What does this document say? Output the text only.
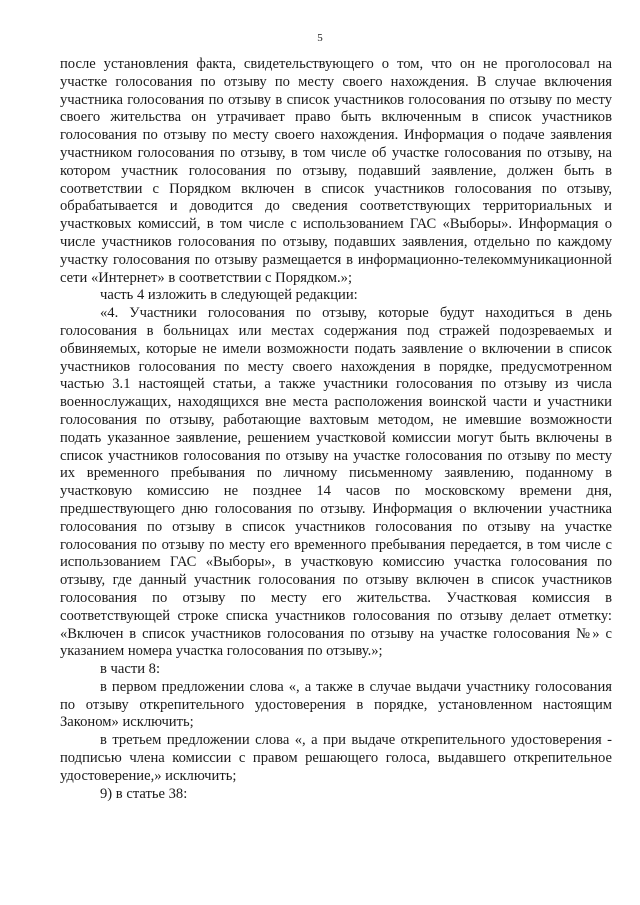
5

после установления факта, свидетельствующего о том, что он не проголосовал на участке голосования по отзыву по месту своего нахождения. В случае включения участника голосования по отзыву в список участников голосования по отзыву по месту своего жительства он утрачивает право быть включенным в список участников голосования по отзыву по месту своего нахождения. Информация о подаче заявления участником голосования по отзыву, в том числе об участке голосования по отзыву, на котором участник голосования по отзыву, подавший заявление, должен быть в соответствии с Порядком включен в список участников голосования по отзыву, обрабатывается и доводится до сведения соответствующих территориальных и участковых комиссий, в том числе с использованием ГАС «Выборы». Информация о числе участников голосования по отзыву, подавших заявления, отдельно по каждому участку голосования по отзыву размещается в информационно-телекоммуникационной сети «Интернет» в соответствии с Порядком.»;

часть 4 изложить в следующей редакции:

«4. Участники голосования по отзыву, которые будут находиться в день голосования в больницах или местах содержания под стражей подозреваемых и обвиняемых, которые не имели возможности подать заявление о включении в список участников голосования по месту своего нахождения в порядке, предусмотренном частью 3.1 настоящей статьи, а также участники голосования по отзыву из числа военнослужащих, находящихся вне места расположения воинской части и участники голосования по отзыву, работающие вахтовым методом, не имевшие возможности подать указанное заявление, решением участковой комиссии могут быть включены в список участников голосования по отзыву на участке голосования по отзыву по месту их временного пребывания по личному письменному заявлению, поданному в участковую комиссию не позднее 14 часов по московскому времени дня, предшествующего дню голосования по отзыву. Информация о включении участника голосования по отзыву в список участников голосования по отзыву на участке голосования по отзыву по месту его временного пребывания передается, в том числе с использованием ГАС «Выборы», в участковую комиссию участка голосования по отзыву, где данный участник голосования по отзыву включен в список участников голосования по отзыву по месту его жительства. Участковая комиссия в соответствующей строке списка участников голосования по отзыву делает отметку: «Включен в список участников голосования по отзыву на участке голосования №» с указанием номера участка голосования по отзыву.»;

в части 8:

в первом предложении слова «, а также в случае выдачи участнику голосования по отзыву открепительного удостоверения в порядке, установленном настоящим Законом» исключить;

в третьем предложении слова «, а при выдаче открепительного удостоверения - подписью члена комиссии с правом решающего голоса, выдавшего открепительное удостоверение,» исключить;

9) в статье 38:
